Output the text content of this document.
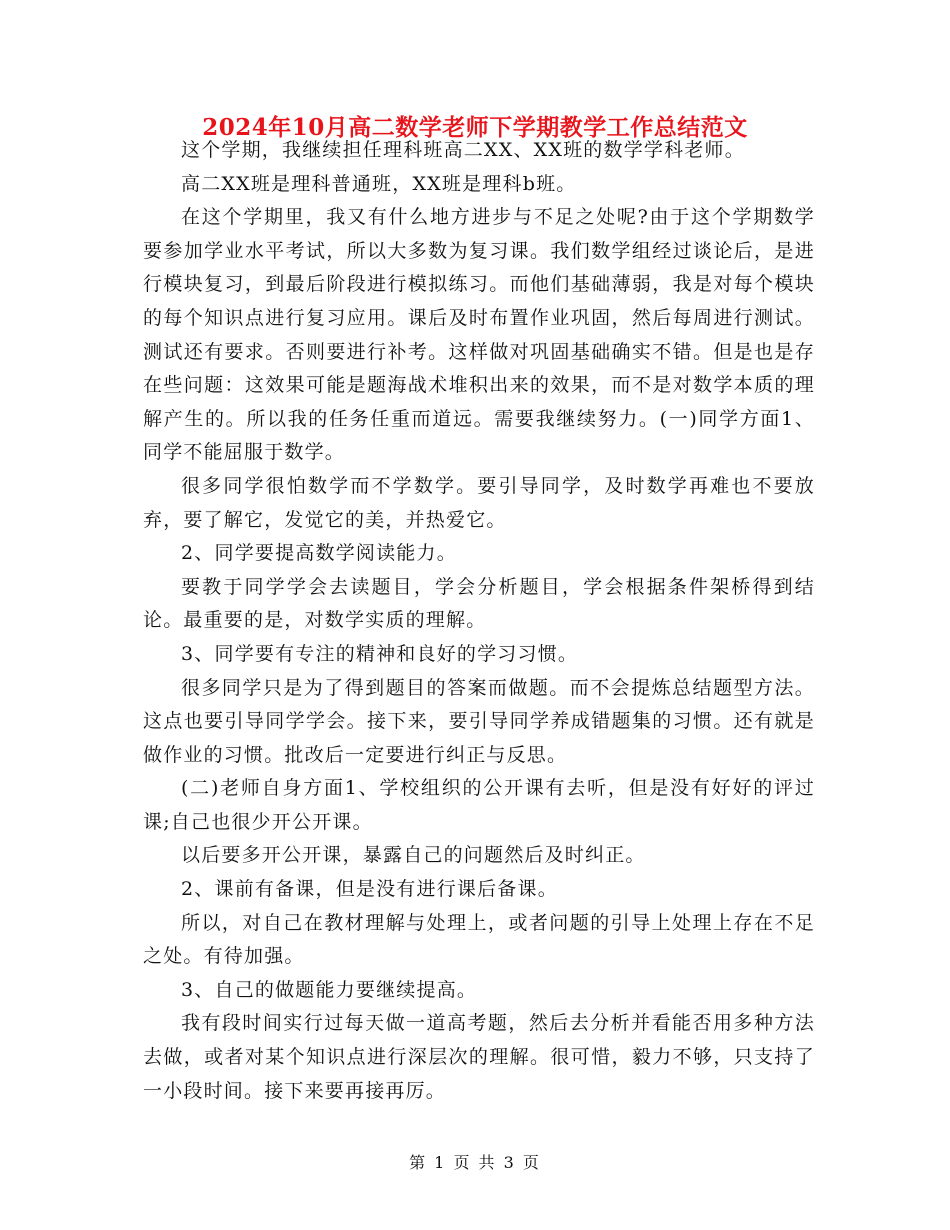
2024年10月高二数学老师下学期教学工作总结范文

这个学期，我继续担任理科班高二XX、XX班的数学学科老师。

高二XX班是理科普通班，XX班是理科b班。

在这个学期里，我又有什么地方进步与不足之处呢?由于这个学期数学要参加学业水平考试，所以大多数为复习课。我们数学组经过谈论后，是进行模块复习，到最后阶段进行模拟练习。而他们基础薄弱，我是对每个模块的每个知识点进行复习应用。课后及时布置作业巩固，然后每周进行测试。测试还有要求。否则要进行补考。这样做对巩固基础确实不错。但是也是存在些问题：这效果可能是题海战术堆积出来的效果，而不是对数学本质的理解产生的。所以我的任务任重而道远。需要我继续努力。(一)同学方面1、同学不能屈服于数学。

很多同学很怕数学而不学数学。要引导同学，及时数学再难也不要放弃，要了解它，发觉它的美，并热爱它。

2、同学要提高数学阅读能力。

要教于同学学会去读题目，学会分析题目，学会根据条件架桥得到结论。最重要的是，对数学实质的理解。

3、同学要有专注的精神和良好的学习习惯。

很多同学只是为了得到题目的答案而做题。而不会提炼总结题型方法。这点也要引导同学学会。接下来，要引导同学养成错题集的习惯。还有就是做作业的习惯。批改后一定要进行纠正与反思。

(二)老师自身方面1、学校组织的公开课有去听，但是没有好好的评过课;自己也很少开公开课。

以后要多开公开课，暴露自己的问题然后及时纠正。

2、课前有备课，但是没有进行课后备课。

所以，对自己在教材理解与处理上，或者问题的引导上处理上存在不足之处。有待加强。

3、自己的做题能力要继续提高。

我有段时间实行过每天做一道高考题，然后去分析并看能否用多种方法去做，或者对某个知识点进行深层次的理解。很可惜，毅力不够，只支持了一小段时间。接下来要再接再厉。

第 1 页 共 3 页
